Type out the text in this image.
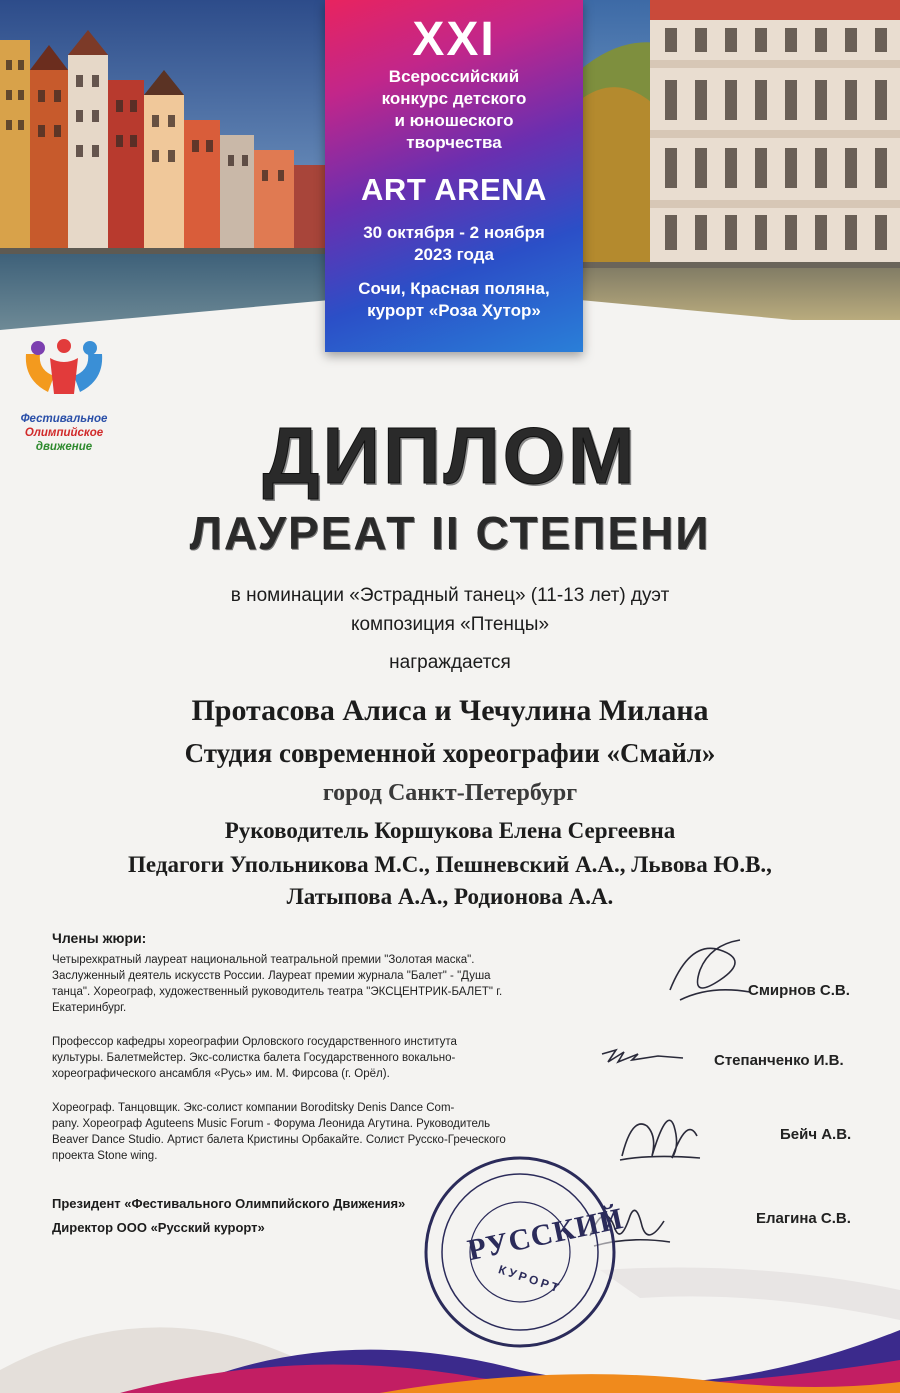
XXI
Всероссийский
конкурс детского
и юношеского
творчества
ART ARENA
30 октября - 2 ноября
2023 года
Сочи, Красная поляна,
курорт «Роза Хутор»
Фестивальное
Олимпийское
движение	ДИПЛОМ
ЛАУРЕАТ II СТЕПЕНИ
в номинации «Эстрадный танец» (11-13 лет) дуэт
композиция «Птенцы»
награждается
Протасова Алиса и Чечулина Милана
Студия современной хореографии «Смайл»
город Санкт-Петербург
Руководитель Коршукова Елена Сергеевна
Педагоги Упольникова М.С., Пешневский А.А., Львова Ю.В.,
Латыпова А.А., Родионова А.А.
Члены жюри:
Четырехкратный лауреат национальной театральной премии "Золотая маска".
Заслуженный деятель искусств России. Лауреат премии журнала "Балет" - "Душа
танца". Хореограф, художественный руководитель театра "ЭКСЦЕНТРИК-БАЛЕТ" г.
Екатеринбург.
Профессор кафедры хореографии Орловского государственного института
культуры. Балетмейстер. Экс-солистка балета Государственного вокально-
хореографического ансамбля «Русь» им. М. Фирсова (г. Орёл).
Хореограф. Танцовщик. Экс-солист компании Boroditsky Denis Dance Com-
pany. Хореограф Aguteens Music Forum - Форума Леонида Агутина. Руководитель
Beaver Dance Studio. Артист балета Кристины Орбакайте. Солист Русско-Греческого
проекта Stone wing.
Смирнов С.В.
Степанченко И.В.
Бейч А.В.
Президент «Фестивального Олимпийского Движения»
Директор ООО «Русский курорт»
Елагина С.В.
РУССКИЙ
КУРОРТ
